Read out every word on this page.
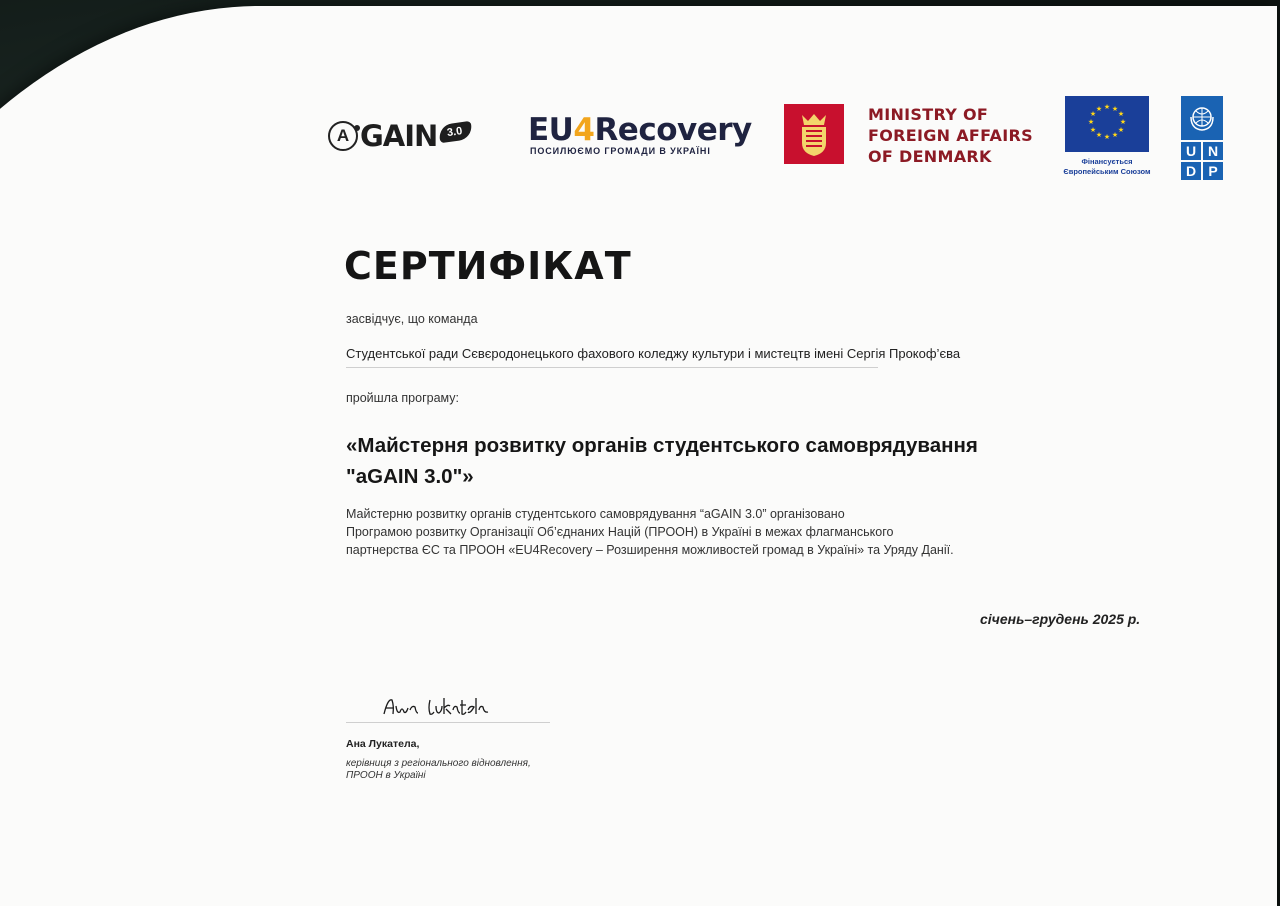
A GAIN 3.0	EU4Recovery
ПОСИЛЮЄМО ГРОМАДИ В УКРАЇНІ
MINISTRY OF
FOREIGN AFFAIRS
OF DENMARK
★ ★
★
★
★
★
★
★
★
★
★
★
Фінансується
Європейським Союзом
U N
D P
СЕРТИФІКАТ
засвідчує, що команда
Студентської ради Сєвєродонецького фахового коледжу культури і мистецтв імені Сергія Прокоф’єва
пройшла програму:
«Майстерня розвитку органів студентського самоврядування
"aGAIN 3.0"»
Майстерню розвитку органів студентського самоврядування “aGAIN 3.0” організовано
Програмою розвитку Організації Об’єднаних Націй (ПРООН) в Україні в межах флагманського
партнерства ЄС та ПРООН «EU4Recovery – Розширення можливостей громад в Україні» та Уряду Данії.
січень–грудень 2025 р.
Ана Лукатела,
керівниця з регіонального відновлення,
ПРООН в Україні
